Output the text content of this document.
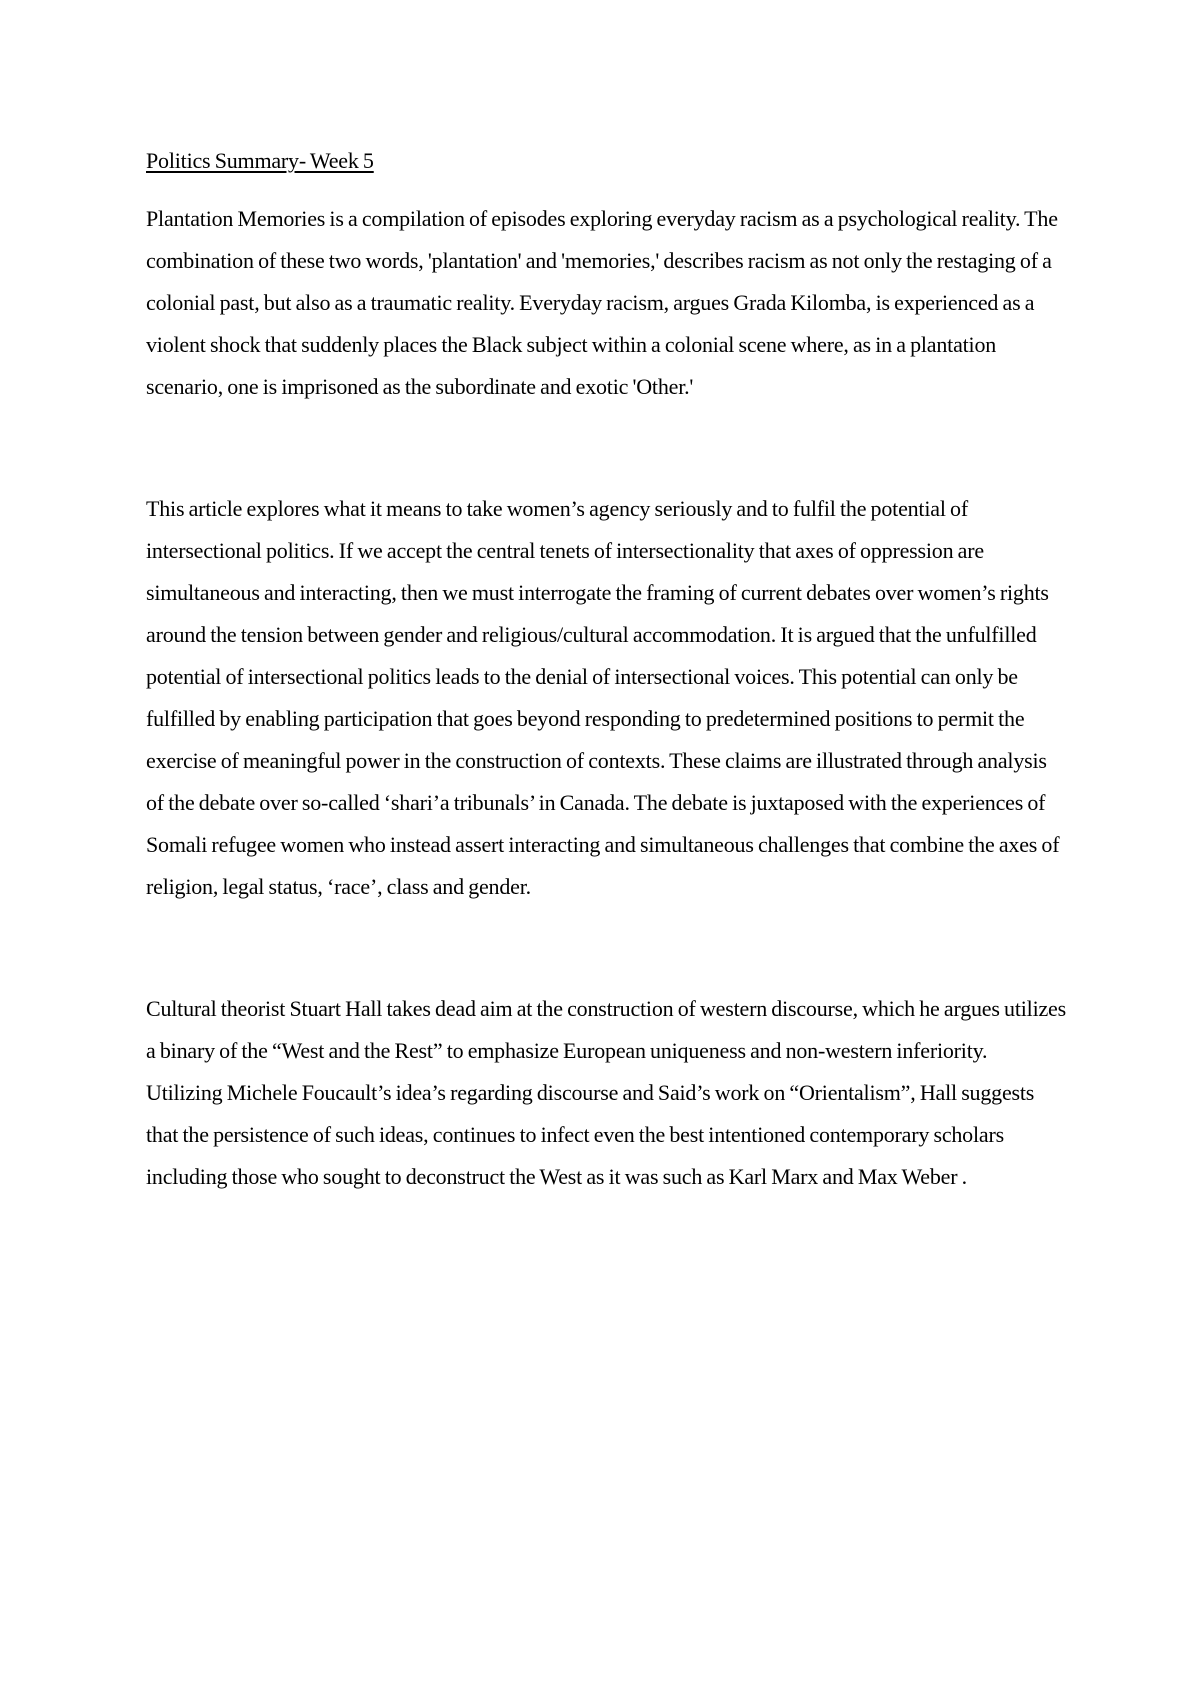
Politics Summary- Week 5

Plantation Memories is a compilation of episodes exploring everyday racism as a psychological reality. The combination of these two words, 'plantation' and 'memories,' describes racism as not only the restaging of a colonial past, but also as a traumatic reality. Everyday racism, argues Grada Kilomba, is experienced as a violent shock that suddenly places the Black subject within a colonial scene where, as in a plantation scenario, one is imprisoned as the subordinate and exotic 'Other.'

This article explores what it means to take women’s agency seriously and to fulfil the potential of intersectional politics. If we accept the central tenets of intersectionality that axes of oppression are simultaneous and interacting, then we must interrogate the framing of current debates over women’s rights around the tension between gender and religious/cultural accommodation. It is argued that the unfulfilled potential of intersectional politics leads to the denial of intersectional voices. This potential can only be fulfilled by enabling participation that goes beyond responding to predetermined positions to permit the exercise of meaningful power in the construction of contexts. These claims are illustrated through analysis of the debate over so-called ‘shari’a tribunals’ in Canada. The debate is juxtaposed with the experiences of Somali refugee women who instead assert interacting and simultaneous challenges that combine the axes of religion, legal status, ‘race’, class and gender.

Cultural theorist Stuart Hall takes dead aim at the construction of western discourse, which he argues utilizes a binary of the “West and the Rest” to emphasize European uniqueness and non-western inferiority. Utilizing Michele Foucault’s idea’s regarding discourse and Said’s work on “Orientalism”, Hall suggests that the persistence of such ideas, continues to infect even the best intentioned contemporary scholars including those who sought to deconstruct the West as it was such as Karl Marx and Max Weber .
